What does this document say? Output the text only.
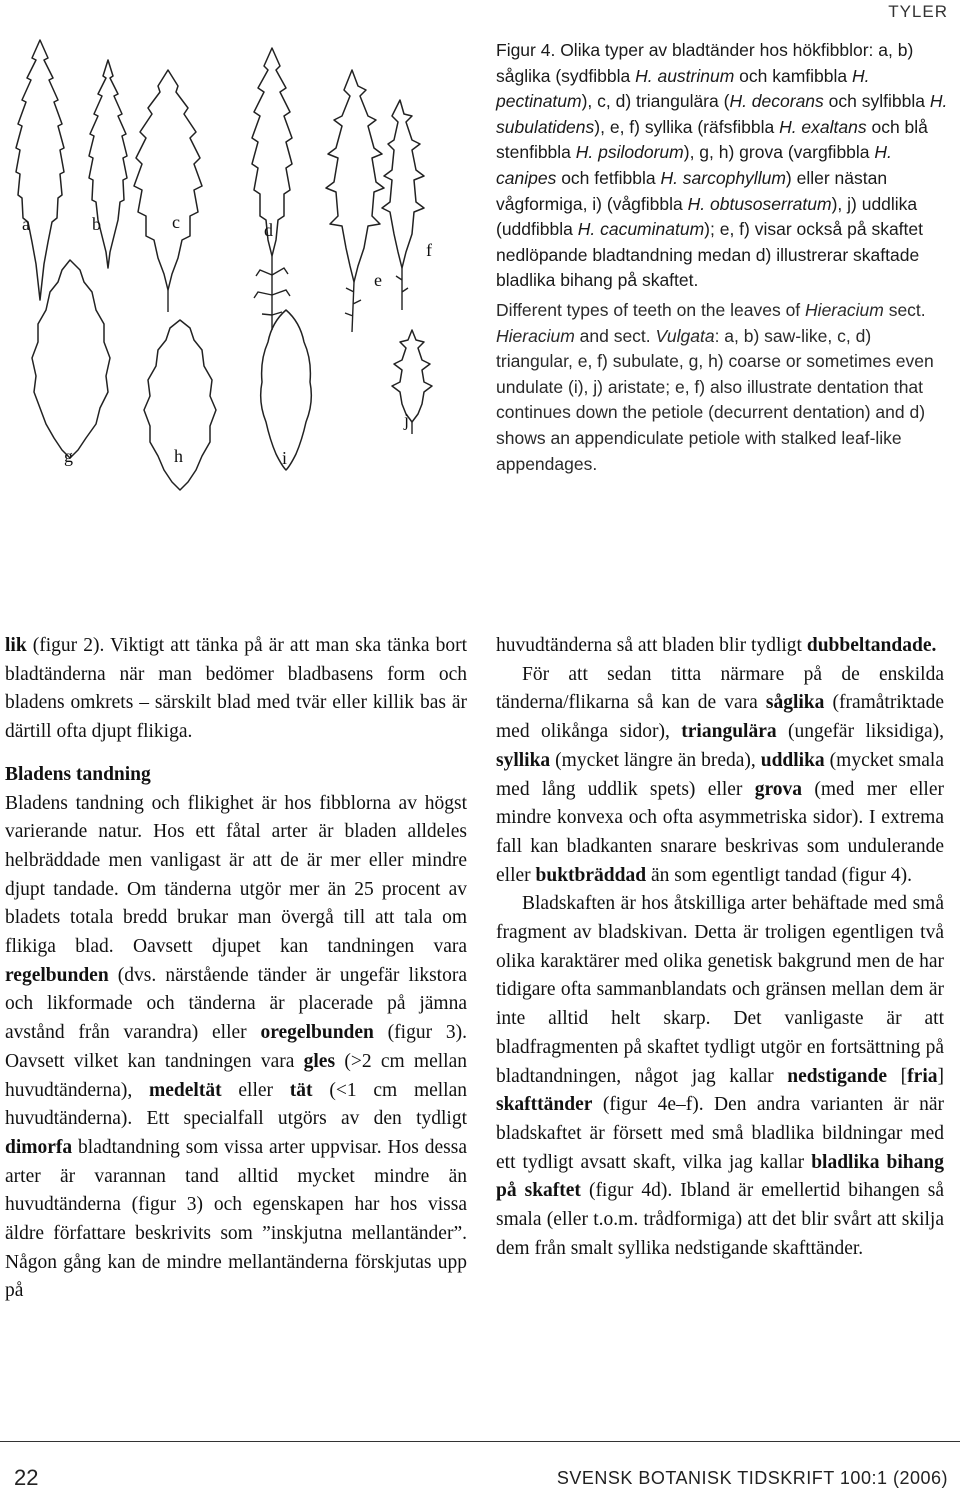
TYLER
a	b	c	d
e
f
g	h	i
j

Figur 4. Olika typer av bladtänder hos hökfibblor: a, b) såglika (sydfibbla H. austrinum och kamfibbla H. pectinatum), c, d) triangulära (H. decorans och sylfibbla H. subulatidens), e, f) syllika (räfsfibbla H. exaltans och blå stenfibbla H. psilodorum), g, h) grova (vargfibbla H. canipes och fetfibbla H. sarcophyllum) eller nästan vågformiga, i) (vågfibbla H. obtusoserratum), j) uddlika (uddfibbla H. cacuminatum); e, f) visar också på skaftet nedlöpande bladtandning medan d) illustrerar skaftade bladlika bihang på skaftet.

Different types of teeth on the leaves of Hieracium sect. Hieracium and sect. Vulgata: a, b) saw-like, c, d) triangular, e, f) subulate, g, h) coarse or sometimes even undulate (i), j) aristate; e, f) also illustrate dentation that continues down the petiole (decurrent dentation) and d) shows an appendiculate petiole with stalked leaf-like appendages.

lik (figur 2). Viktigt att tänka på är att man ska tänka bort bladtänderna när man bedömer bladbasens form och bladens omkrets – särskilt blad med tvär eller killik bas är därtill ofta djupt flikiga.

Bladens tandning

Bladens tandning och flikighet är hos fibblorna av högst varierande natur. Hos ett fåtal arter är bladen alldeles helbräddade men vanligast är att de är mer eller mindre djupt tandade. Om tänderna utgör mer än 25 procent av bladets totala bredd brukar man övergå till att tala om flikiga blad. Oavsett djupet kan tandningen vara regelbunden (dvs. närstående tänder är ungefär likstora och likformade och tänderna är placerade på jämna avstånd från varandra) eller oregelbunden (figur 3). Oavsett vilket kan tandningen vara gles (>2 cm mellan huvudtänderna), medeltät eller tät (<1 cm mellan huvudtänderna). Ett specialfall utgörs av den tydligt dimorfa bladtandning som vissa arter uppvisar. Hos dessa arter är varannan tand alltid mycket mindre än huvudtänderna (figur 3) och egenskapen har hos vissa äldre författare beskrivits som ”inskjutna mellantänder”. Någon gång kan de mindre mellantänderna förskjutas upp på

huvudtänderna så att bladen blir tydligt dubbeltandade.

För att sedan titta närmare på de enskilda tänderna/flikarna så kan de vara såglika (framåtriktade med olikånga sidor), triangulära (ungefär liksidiga), syllika (mycket längre än breda), uddlika (mycket smala med lång uddlik spets) eller grova (med mer eller mindre konvexa och ofta asymmetriska sidor). I extrema fall kan bladkanten snarare beskrivas som undulerande eller buktbräddad än som egentligt tandad (figur 4).

Bladskaften är hos åtskilliga arter behäftade med små fragment av bladskivan. Detta är troligen egentligen två olika karaktärer med olika genetisk bakgrund men de har tidigare ofta sammanblandats och gränsen mellan dem är inte alltid helt skarp. Det vanligaste är att bladfragmenten på skaftet tydligt utgör en fortsättning på bladtandningen, något jag kallar nedstigande [fria] skafttänder (figur 4e–f). Den andra varianten är när bladskaftet är försett med små bladlika bildningar med ett tydligt avsatt skaft, vilka jag kallar bladlika bihang på skaftet (figur 4d). Ibland är emellertid bihangen så smala (eller t.o.m. trådformiga) att det blir svårt att skilja dem från smalt syllika nedstigande skafttänder.

22	SVENSK BOTANISK TIDSKRIFT 100:1 (2006)
